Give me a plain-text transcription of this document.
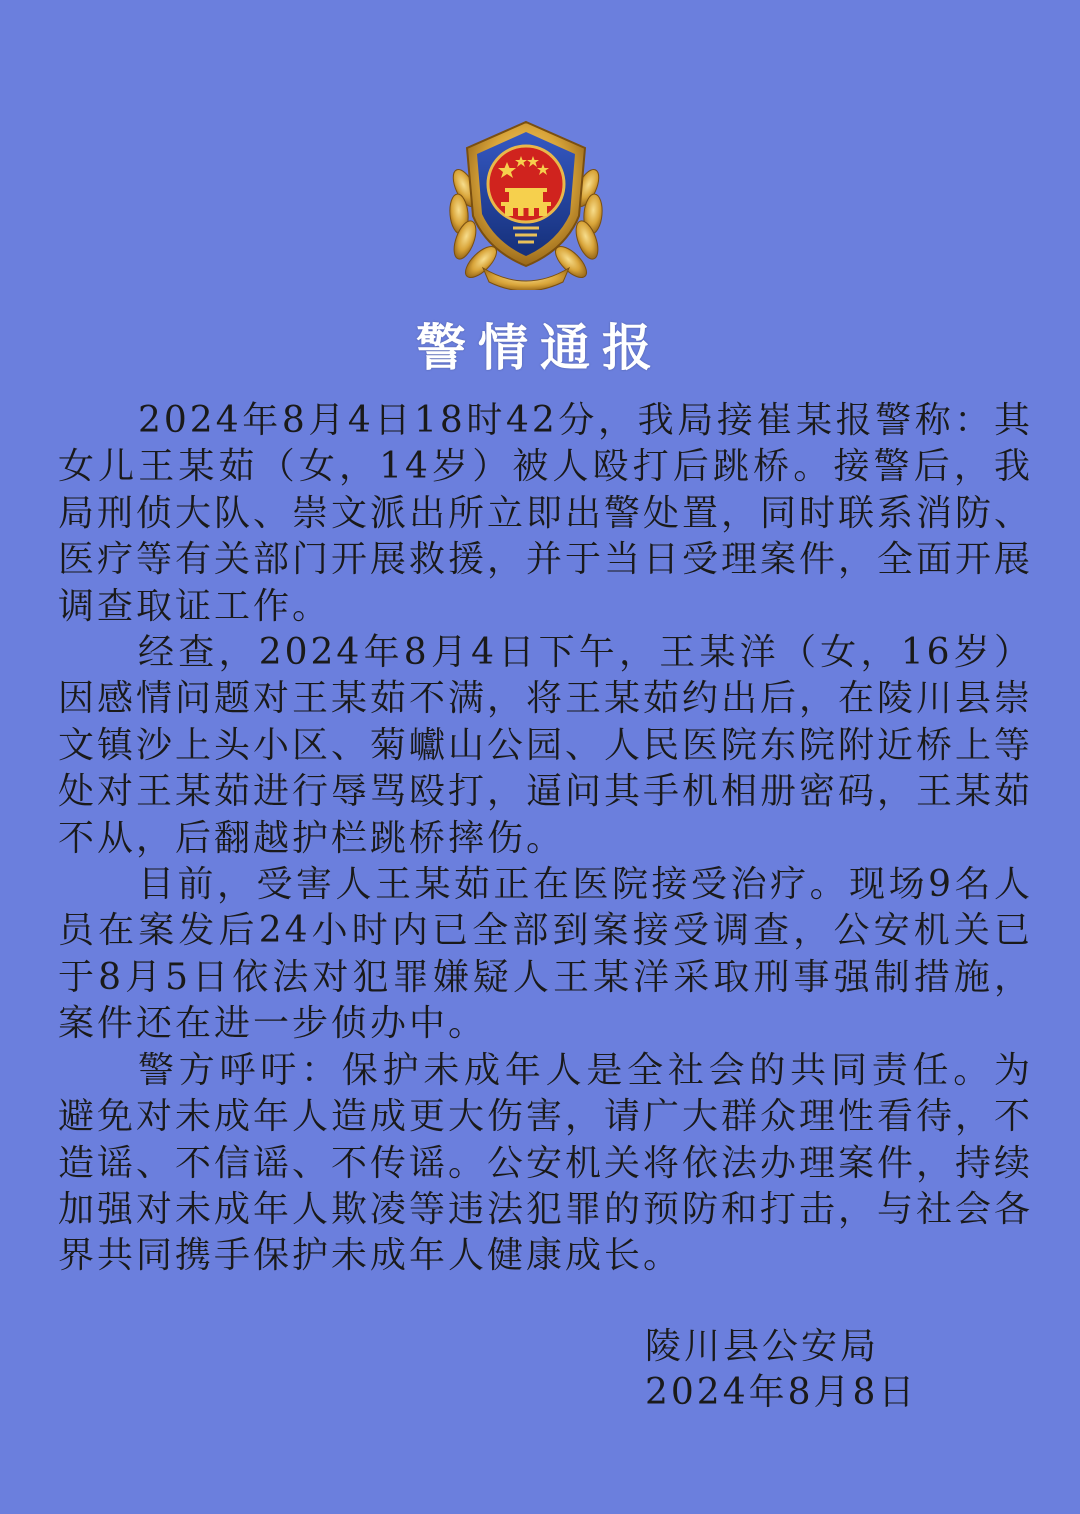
警情通报

2024年8月4日18时42分，我局接崔某报警称：其女儿王某茹（女，14岁）被人殴打后跳桥。接警后，我局刑侦大队、崇文派出所立即出警处置，同时联系消防、医疗等有关部门开展救援，并于当日受理案件，全面开展调查取证工作。

经查，2024年8月4日下午，王某洋（女，16岁）因感情问题对王某茹不满，将王某茹约出后，在陵川县崇文镇沙上头小区、菊巘山公园、人民医院东院附近桥上等处对王某茹进行辱骂殴打，逼问其手机相册密码，王某茹不从，后翻越护栏跳桥摔伤。

目前，受害人王某茹正在医院接受治疗。现场9名人员在案发后24小时内已全部到案接受调查，公安机关已于8月5日依法对犯罪嫌疑人王某洋采取刑事强制措施，案件还在进一步侦办中。

警方呼吁：保护未成年人是全社会的共同责任。为避免对未成年人造成更大伤害，请广大群众理性看待，不造谣、不信谣、不传谣。公安机关将依法办理案件，持续加强对未成年人欺凌等违法犯罪的预防和打击，与社会各界共同携手保护未成年人健康成长。

陵川县公安局
2024年8月8日
